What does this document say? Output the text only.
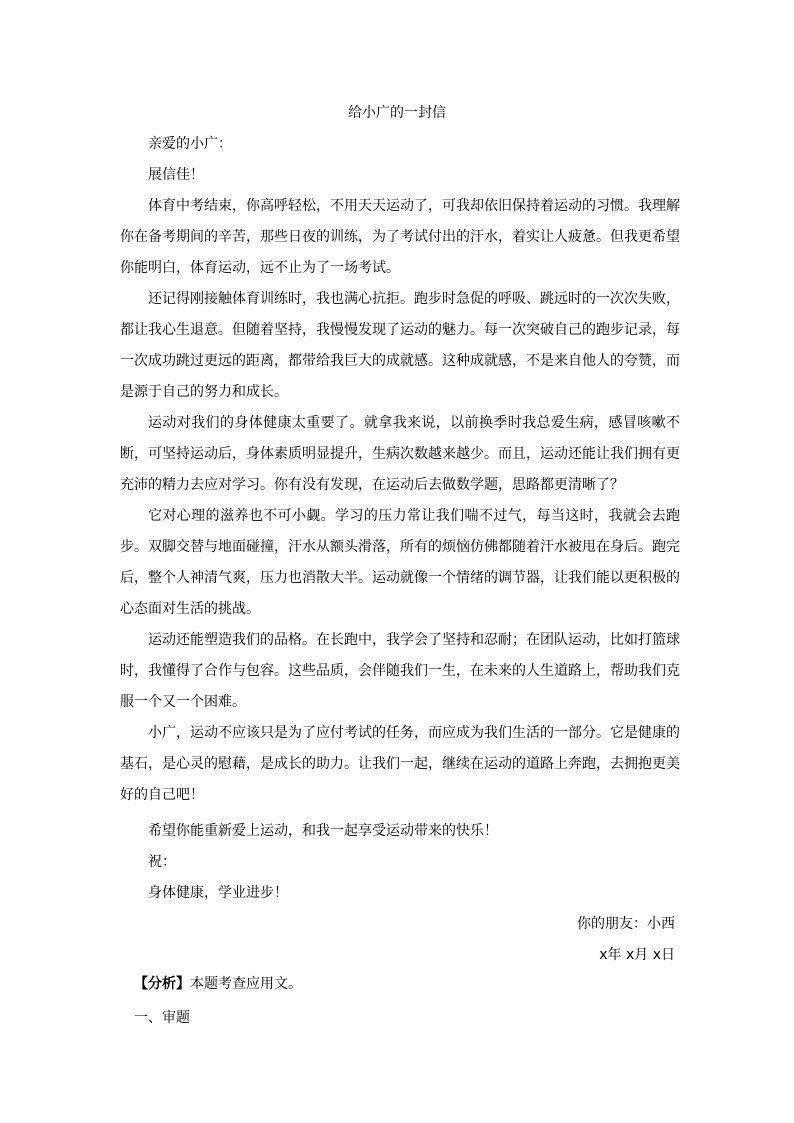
给小广的一封信
亲爱的小广：
展信佳！
体育中考结束，你高呼轻松，不用天天运动了，可我却依旧保持着运动的习惯。我理解你在备考期间的辛苦，那些日夜的训练，为了考试付出的汗水，着实让人疲惫。但我更希望你能明白，体育运动，远不止为了一场考试。
还记得刚接触体育训练时，我也满心抗拒。跑步时急促的呼吸、跳远时的一次次失败，都让我心生退意。但随着坚持，我慢慢发现了运动的魅力。每一次突破自己的跑步记录，每一次成功跳过更远的距离，都带给我巨大的成就感。这种成就感，不是来自他人的夸赞，而是源于自己的努力和成长。
运动对我们的身体健康太重要了。就拿我来说，以前换季时我总爱生病，感冒咳嗽不断，可坚持运动后，身体素质明显提升，生病次数越来越少。而且，运动还能让我们拥有更充沛的精力去应对学习。你有没有发现，在运动后去做数学题，思路都更清晰了？
它对心理的滋养也不可小觑。学习的压力常让我们喘不过气，每当这时，我就会去跑步。双脚交替与地面碰撞，汗水从额头滑落，所有的烦恼仿佛都随着汗水被甩在身后。跑完后，整个人神清气爽，压力也消散大半。运动就像一个情绪的调节器，让我们能以更积极的心态面对生活的挑战。
运动还能塑造我们的品格。在长跑中，我学会了坚持和忍耐；在团队运动，比如打篮球时，我懂得了合作与包容。这些品质，会伴随我们一生，在未来的人生道路上，帮助我们克服一个又一个困难。
小广，运动不应该只是为了应付考试的任务，而应成为我们生活的一部分。它是健康的基石，是心灵的慰藉，是成长的助力。让我们一起，继续在运动的道路上奔跑，去拥抱更美好的自己吧！
希望你能重新爱上运动，和我一起享受运动带来的快乐！
祝：
身体健康，学业进步！
你的朋友：小西
x年 x月 x日
【分析】本题考查应用文。
一、审题
